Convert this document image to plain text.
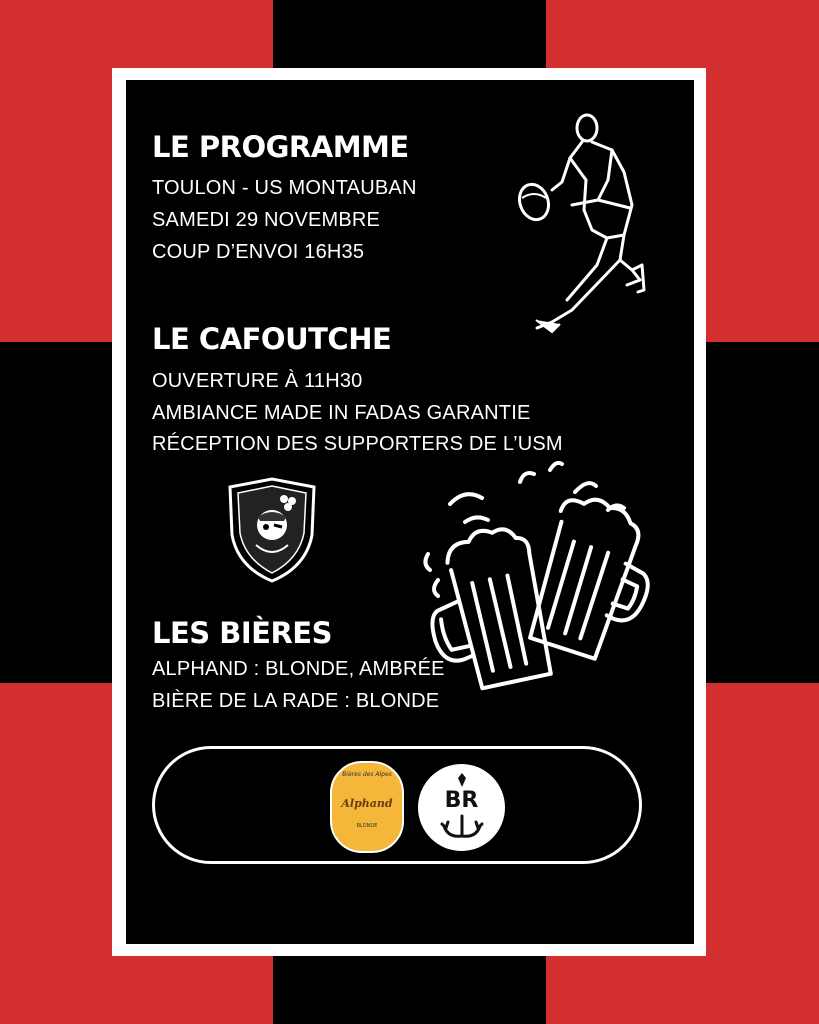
LE PROGRAMME

TOULON - US MONTAUBAN

SAMEDI 29 NOVEMBRE

COUP D’ENVOI 16H35

LE CAFOUTCHE

OUVERTURE À 11H30

AMBIANCE MADE IN FADAS GARANTIE

RÉCEPTION DES SUPPORTERS DE L’USM

LES BIÈRES

ALPHAND : BLONDE, AMBRÉE

BIÈRE DE LA RADE : BLONDE

Bières des Alpes
Alphand
BLONDE
BR
